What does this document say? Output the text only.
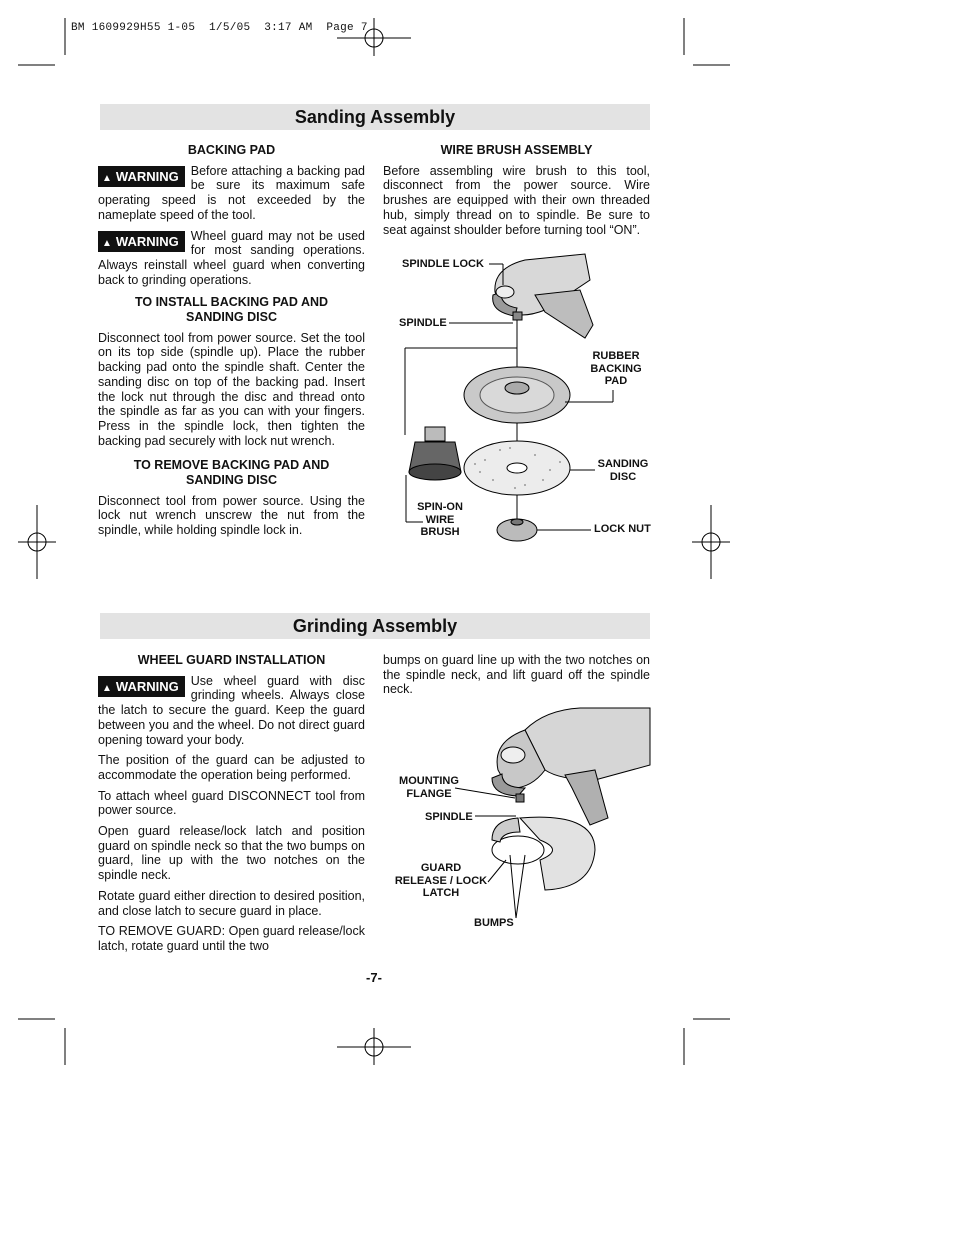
BM 1609929H55 1-05  1/5/05  3:17 AM  Page 7
Sanding Assembly

BACKING PAD

▲ WARNING Before attaching a backing pad be sure its maximum safe operating speed is not exceeded by the nameplate speed of the tool.

▲ WARNING Wheel guard may not be used for most sanding operations. Always reinstall wheel guard when converting back to grinding operations.

TO INSTALL BACKING PAD AND
SANDING DISC

Disconnect tool from power source. Set the tool on its top side (spindle up). Place the rubber backing pad onto the spindle shaft. Center the sanding disc on top of the backing pad. Insert the lock nut through the disc and thread onto the spindle as far as you can with your fingers. Press in the spindle lock, then tighten the backing pad securely with lock nut wrench.

TO REMOVE BACKING PAD AND
SANDING DISC

Disconnect tool from power source. Using the lock nut wrench unscrew the nut from the spindle, while holding spindle lock in.

WIRE BRUSH ASSEMBLY

Before assembling wire brush to this tool, disconnect from the power source. Wire brushes are equipped with their own threaded hub, simply thread on to spindle. Be sure to seat against shoulder before turning tool “ON”.

SPINDLE LOCK
SPINDLE
RUBBER
BACKING
PAD
SANDING
DISC
SPIN-ON
WIRE
BRUSH	LOCK NUT
Grinding Assembly

WHEEL GUARD INSTALLATION

▲ WARNING Use wheel guard with disc grinding wheels. Always close the latch to secure the guard. Keep the guard between you and the wheel. Do not direct guard opening toward your body.

The position of the guard can be adjusted to accommodate the operation being performed.

To attach wheel guard DISCONNECT tool from power source.

Open guard release/lock latch and position guard on spindle neck so that the two bumps on guard, line up with the two notches on the spindle neck.

Rotate guard either direction to desired position, and close latch to secure guard in place.

TO REMOVE GUARD: Open guard release/lock latch, rotate guard until the two

bumps on guard line up with the two notches on the spindle neck, and lift guard off the spindle neck.

MOUNTING
FLANGE
SPINDLE
GUARD
RELEASE / LOCK
LATCH
BUMPS
-7-
